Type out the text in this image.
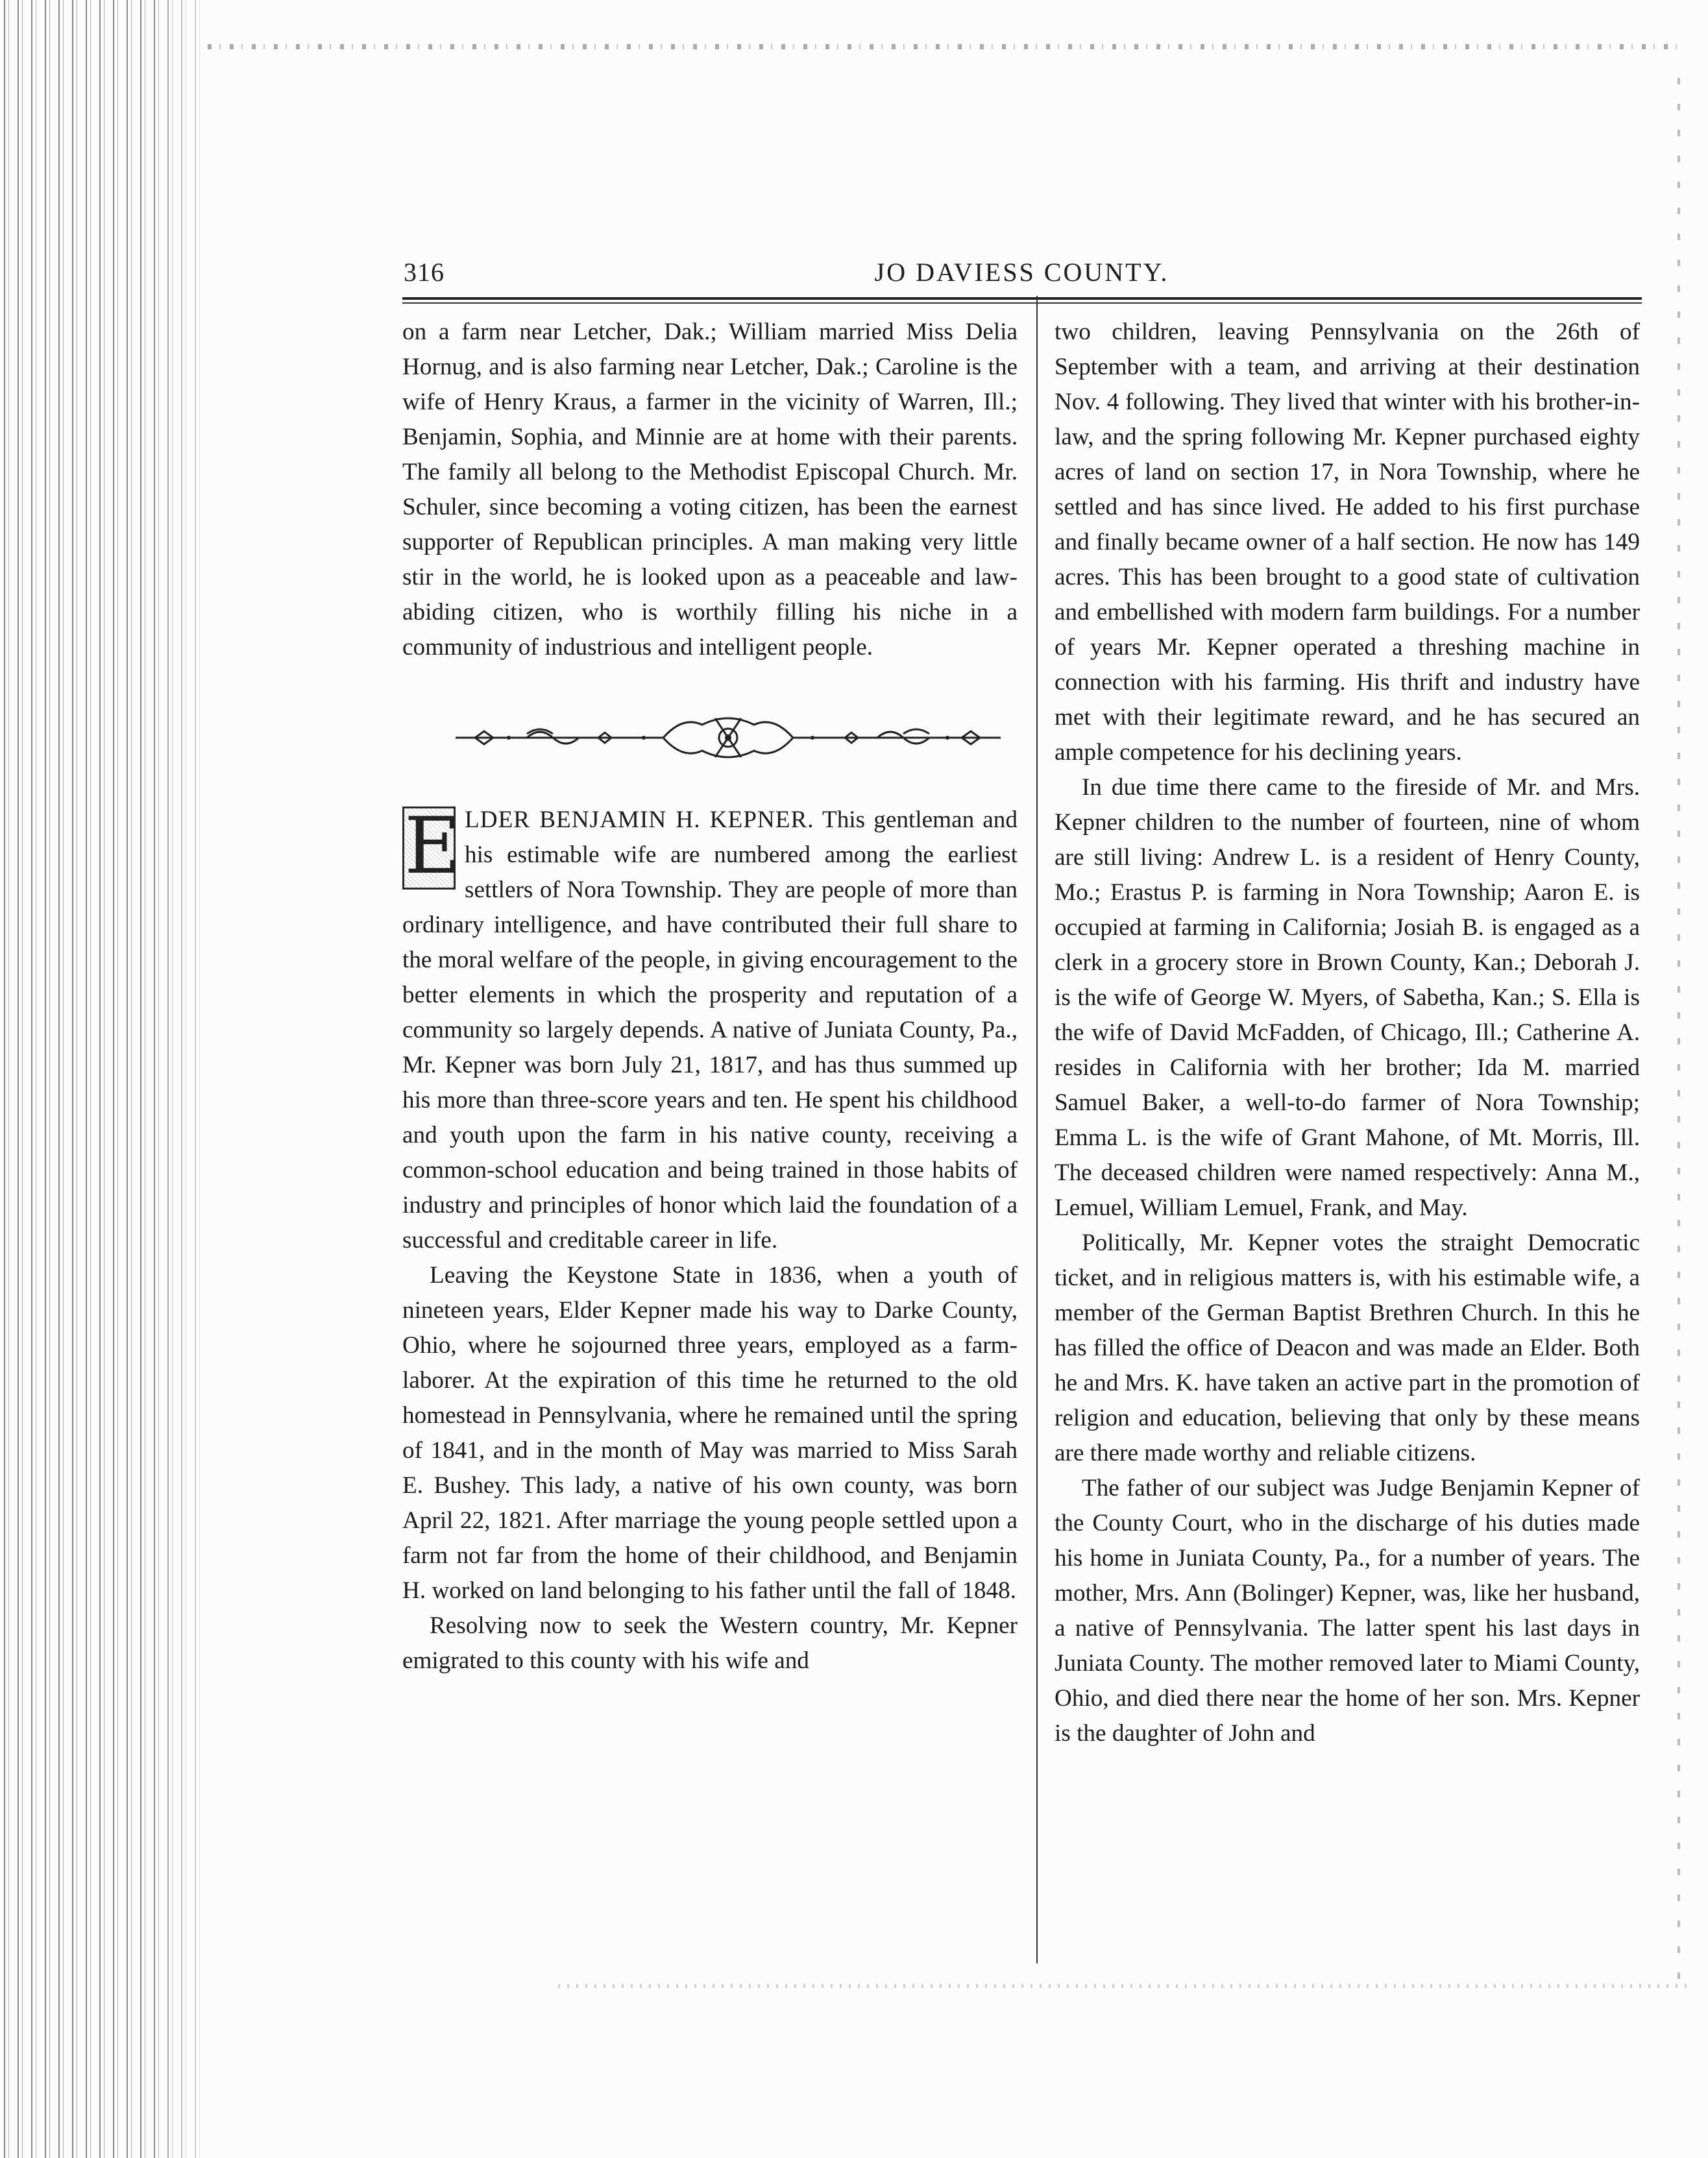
316	JO DAVIESS COUNTY.

on a farm near Letcher, Dak.; William married Miss Delia Hornug, and is also farming near Letcher, Dak.; Caroline is the wife of Henry Kraus, a farmer in the vicinity of Warren, Ill.; Benjamin, Sophia, and Minnie are at home with their parents. The family all belong to the Methodist Episcopal Church. Mr. Schuler, since becoming a voting citizen, has been the earnest supporter of Republican principles. A man making very little stir in the world, he is looked upon as a peaceable and law-abiding citizen, who is worthily filling his niche in a community of industrious and intelligent people.

E LDER BENJAMIN H. KEPNER. This gentleman and his estimable wife are numbered among the earliest settlers of Nora Township. They are people of more than ordinary intelligence, and have contributed their full share to the moral welfare of the people, in giving encouragement to the better elements in which the prosperity and reputation of a community so largely depends. A native of Juniata County, Pa., Mr. Kepner was born July 21, 1817, and has thus summed up his more than three-score years and ten. He spent his childhood and youth upon the farm in his native county, receiving a common-school education and being trained in those habits of industry and principles of honor which laid the foundation of a successful and creditable career in life.

Leaving the Keystone State in 1836, when a youth of nineteen years, Elder Kepner made his way to Darke County, Ohio, where he sojourned three years, employed as a farm-laborer. At the expiration of this time he returned to the old homestead in Pennsylvania, where he remained until the spring of 1841, and in the month of May was married to Miss Sarah E. Bushey. This lady, a native of his own county, was born April 22, 1821. After marriage the young people settled upon a farm not far from the home of their childhood, and Benjamin H. worked on land belonging to his father until the fall of 1848.

Resolving now to seek the Western country, Mr. Kepner emigrated to this county with his wife and

two children, leaving Pennsylvania on the 26th of September with a team, and arriving at their destination Nov. 4 following. They lived that winter with his brother-in-law, and the spring following Mr. Kepner purchased eighty acres of land on section 17, in Nora Township, where he settled and has since lived. He added to his first purchase and finally became owner of a half section. He now has 149 acres. This has been brought to a good state of cultivation and embellished with modern farm buildings. For a number of years Mr. Kepner operated a threshing machine in connection with his farming. His thrift and industry have met with their legitimate reward, and he has secured an ample competence for his declining years.

In due time there came to the fireside of Mr. and Mrs. Kepner children to the number of fourteen, nine of whom are still living: Andrew L. is a resident of Henry County, Mo.; Erastus P. is farming in Nora Township; Aaron E. is occupied at farming in California; Josiah B. is engaged as a clerk in a grocery store in Brown County, Kan.; Deborah J. is the wife of George W. Myers, of Sabetha, Kan.; S. Ella is the wife of David McFadden, of Chicago, Ill.; Catherine A. resides in California with her brother; Ida M. married Samuel Baker, a well-to-do farmer of Nora Township; Emma L. is the wife of Grant Mahone, of Mt. Morris, Ill. The deceased children were named respectively: Anna M., Lemuel, William Lemuel, Frank, and May.

Politically, Mr. Kepner votes the straight Democratic ticket, and in religious matters is, with his estimable wife, a member of the German Baptist Brethren Church. In this he has filled the office of Deacon and was made an Elder. Both he and Mrs. K. have taken an active part in the promotion of religion and education, believing that only by these means are there made worthy and reliable citizens.

The father of our subject was Judge Benjamin Kepner of the County Court, who in the discharge of his duties made his home in Juniata County, Pa., for a number of years. The mother, Mrs. Ann (Bolinger) Kepner, was, like her husband, a native of Pennsylvania. The latter spent his last days in Juniata County. The mother removed later to Miami County, Ohio, and died there near the home of her son. Mrs. Kepner is the daughter of John and
